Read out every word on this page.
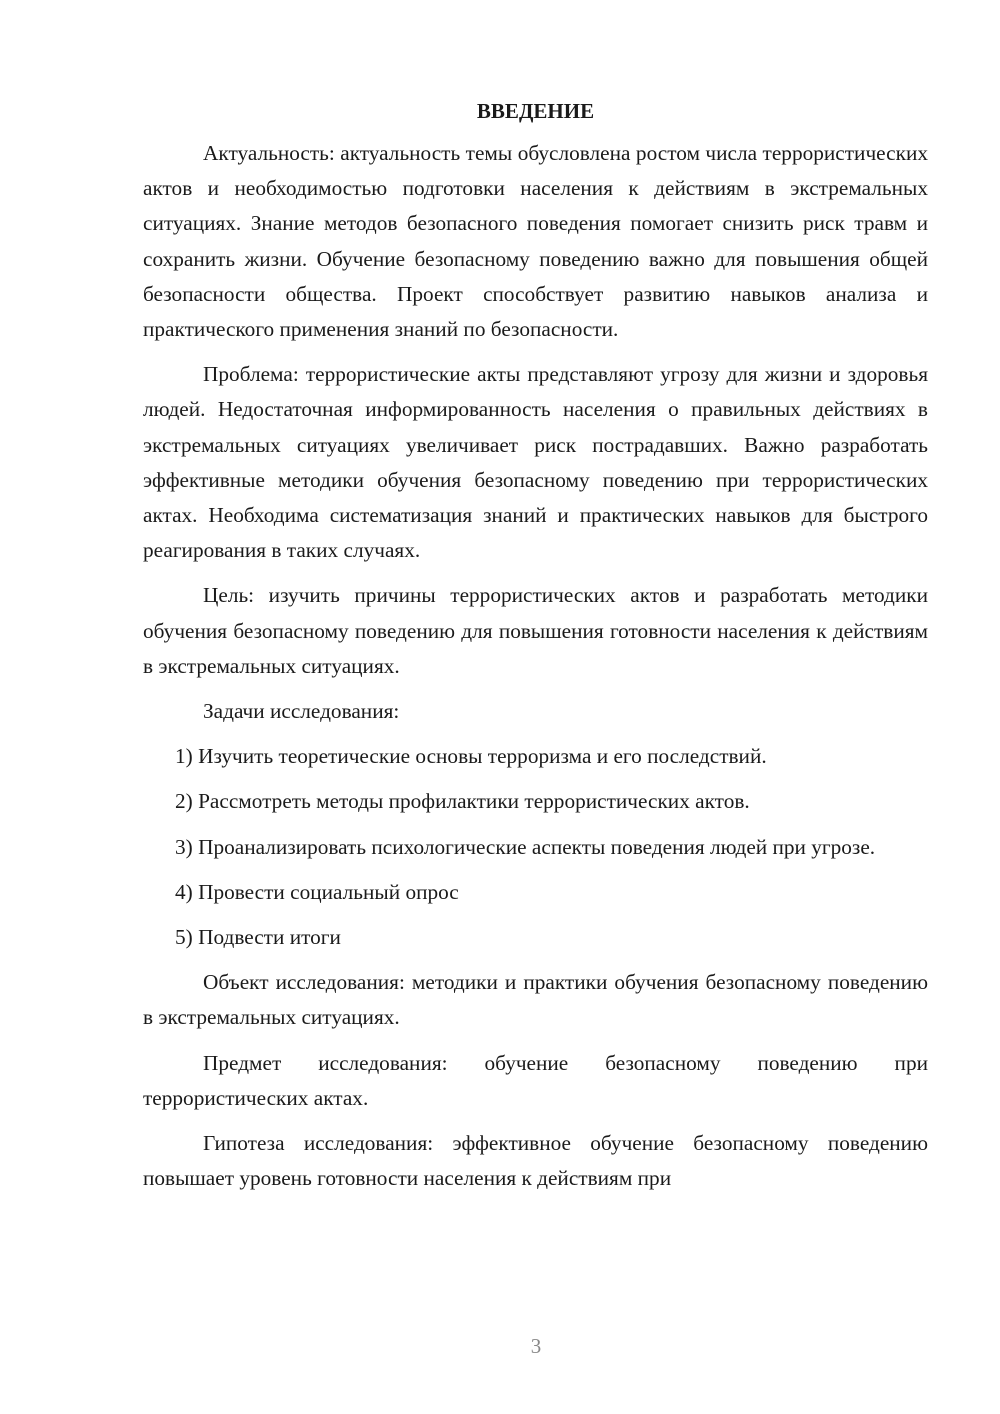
ВВЕДЕНИЕ

Актуальность: актуальность темы обусловлена ростом числа террористических актов и необходимостью подготовки населения к действиям в экстремальных ситуациях. Знание методов безопасного поведения помогает снизить риск травм и сохранить жизни. Обучение безопасному поведению важно для повышения общей безопасности общества. Проект способствует развитию навыков анализа и практического применения знаний по безопасности.

Проблема: террористические акты представляют угрозу для жизни и здоровья людей. Недостаточная информированность населения о правильных действиях в экстремальных ситуациях увеличивает риск пострадавших. Важно разработать эффективные методики обучения безопасному поведению при террористических актах. Необходима систематизация знаний и практических навыков для быстрого реагирования в таких случаях.

Цель: изучить причины террористических актов и разработать методики обучения безопасному поведению для повышения готовности населения к действиям в экстремальных ситуациях.

Задачи исследования:

1) Изучить теоретические основы терроризма и его последствий.

2) Рассмотреть методы профилактики террористических актов.

3) Проанализировать психологические аспекты поведения людей при угрозе.

4) Провести социальный опрос

5) Подвести итоги

Объект исследования: методики и практики обучения безопасному поведению в экстремальных ситуациях.

Предмет исследования: обучение безопасному поведению при террористических актах.

Гипотеза исследования: эффективное обучение безопасному поведению повышает уровень готовности населения к действиям при

3
